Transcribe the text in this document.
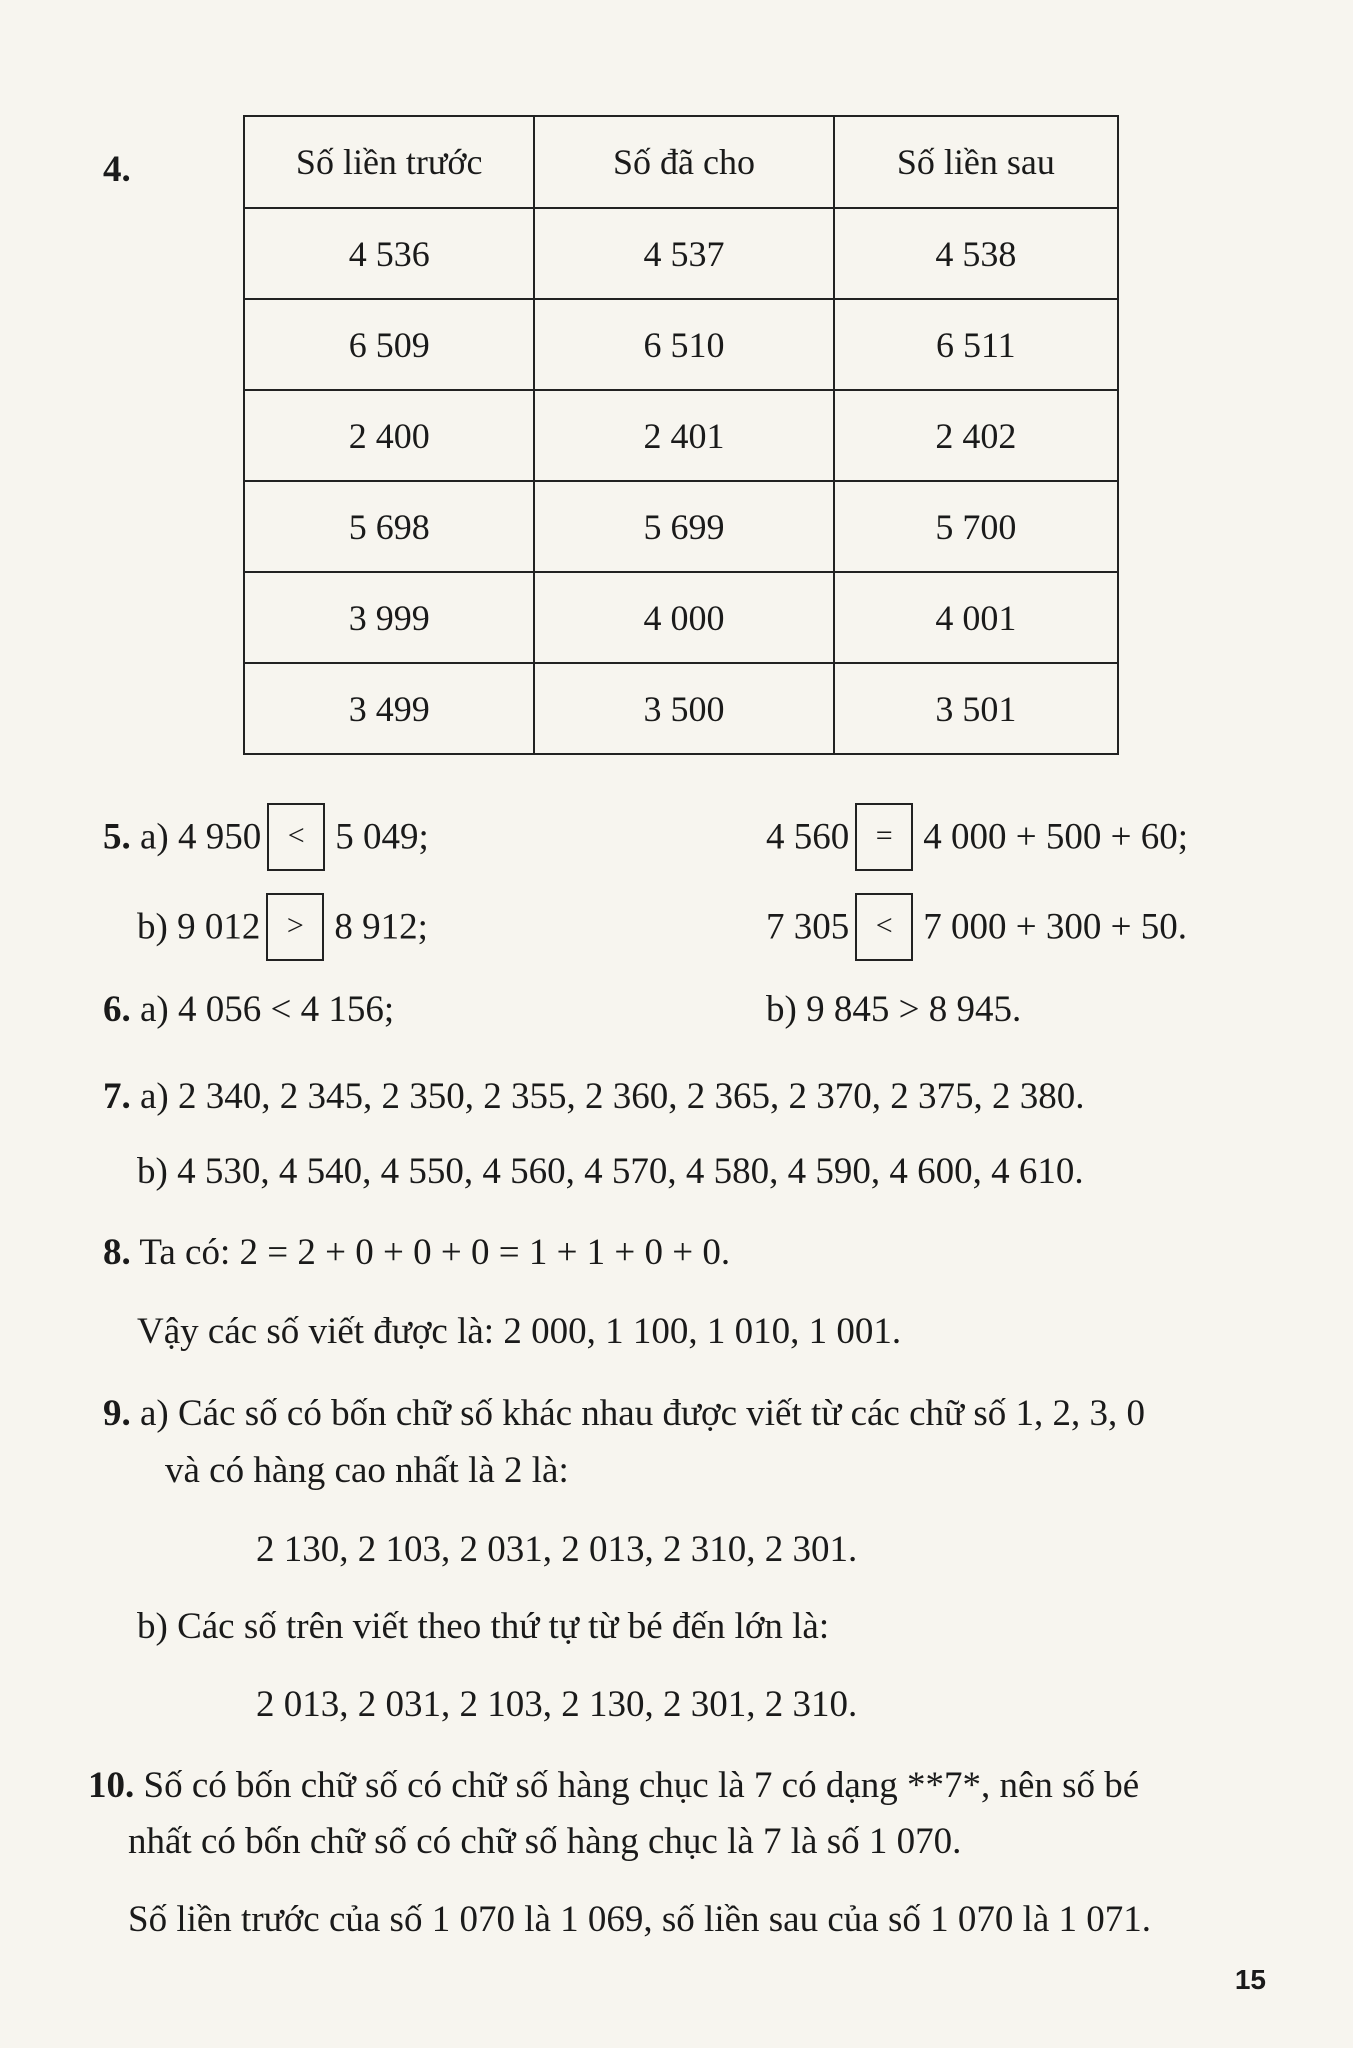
4.	Số liền trước	Số đã cho	Số liền sau
4 536	4 537	4 538
6 509	6 510	6 511
2 400	2 401	2 402
5 698	5 699	5 700
3 999	4 000	4 001
3 499	3 500	3 501
5. a) 4 950 < 5 049;	4 560 = 4 000 + 500 + 60;
b) 9 012 > 8 912;	7 305 < 7 000 + 300 + 50.
6. a) 4 056 < 4 156;	b) 9 845 > 8 945.
7. a) 2 340, 2 345, 2 350, 2 355, 2 360, 2 365, 2 370, 2 375, 2 380.
b) 4 530, 4 540, 4 550, 4 560, 4 570, 4 580, 4 590, 4 600, 4 610.
8. Ta có: 2 = 2 + 0 + 0 + 0 = 1 + 1 + 0 + 0.
Vậy các số viết được là: 2 000, 1 100, 1 010, 1 001.
9. a) Các số có bốn chữ số khác nhau được viết từ các chữ số 1, 2, 3, 0
và có hàng cao nhất là 2 là:
2 130, 2 103, 2 031, 2 013, 2 310, 2 301.
b) Các số trên viết theo thứ tự từ bé đến lớn là:
2 013, 2 031, 2 103, 2 130, 2 301, 2 310.
10. Số có bốn chữ số có chữ số hàng chục là 7 có dạng **7*, nên số bé
nhất có bốn chữ số có chữ số hàng chục là 7 là số 1 070.
Số liền trước của số 1 070 là 1 069, số liền sau của số 1 070 là 1 071.
15
